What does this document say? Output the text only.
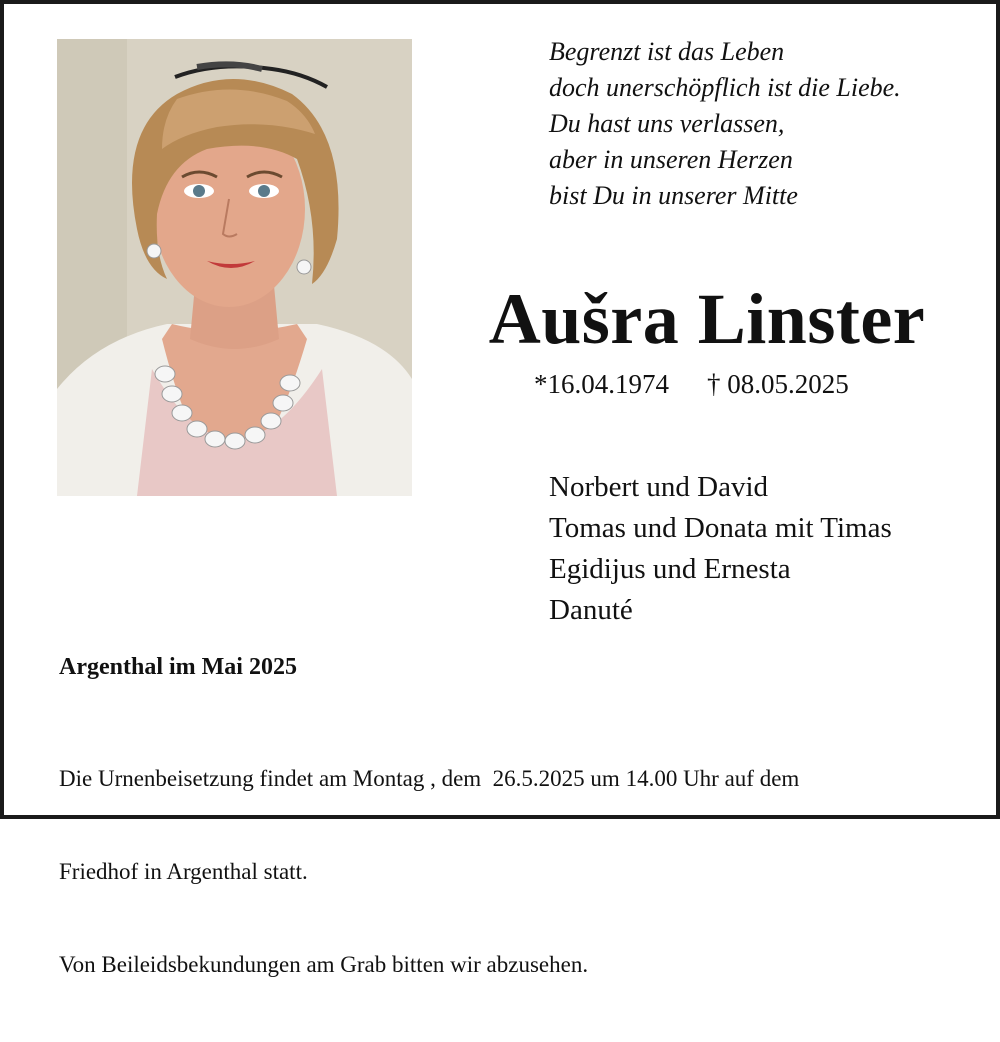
Begrenzt ist das Leben
doch unerschöpflich ist die Liebe.
Du hast uns verlassen,
aber in unseren Herzen
bist Du in unserer Mitte
Aušra Linster
*16.04.1974 † 08.05.2025
Norbert und David
Tomas und Donata mit Timas
Egidijus und Ernesta
Danuté
Argenthal im Mai 2025

Die Urnenbeisetzung findet am Montag , dem  26.5.2025 um 14.00 Uhr auf dem

Friedhof in Argenthal statt.

Von Beileidsbekundungen am Grab bitten wir abzusehen.
